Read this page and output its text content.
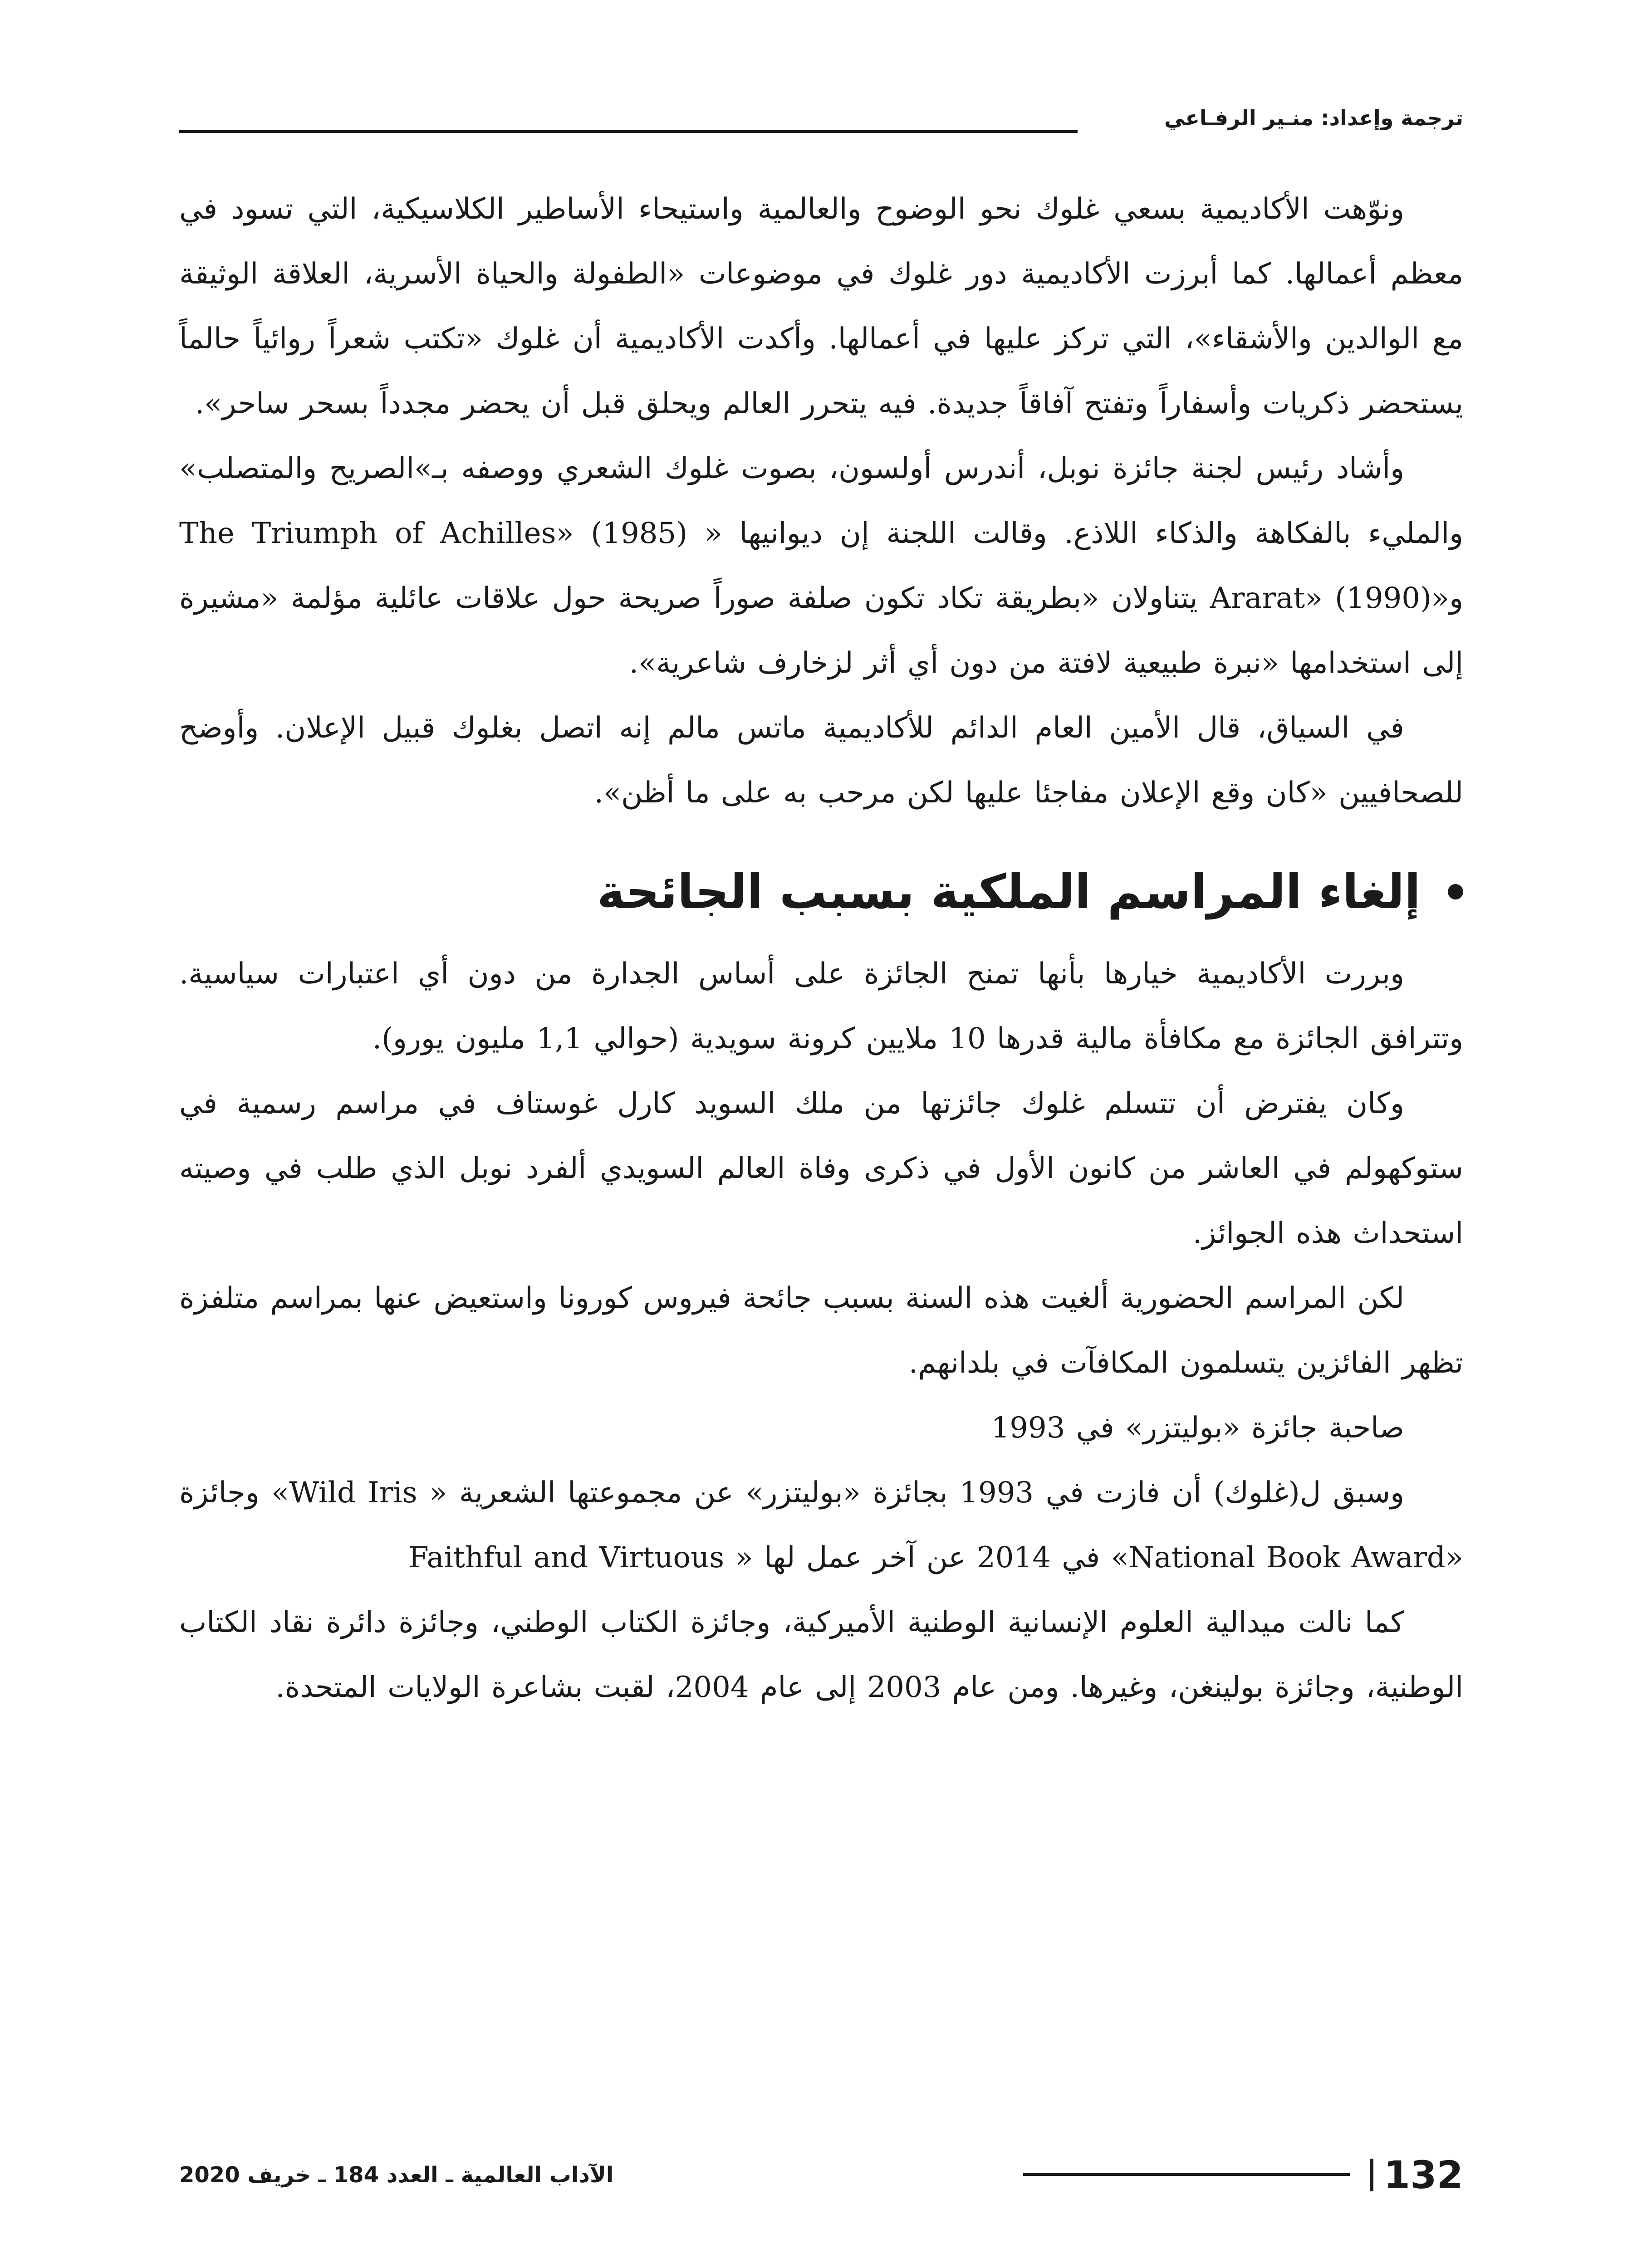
ترجمة وإعداد: منـير الرفـاعي

ونوّهت الأكاديمية بسعي غلوك نحو الوضوح والعالمية واستيحاء الأساطير الكلاسيكية، التي تسود في معظم أعمالها. كما أبرزت الأكاديمية دور غلوك في موضوعات «الطفولة والحياة الأسرية، العلاقة الوثيقة مع الوالدين والأشقاء»، التي تركز عليها في أعمالها. وأكدت الأكاديمية أن غلوك «تكتب شعراً روائياً حالماً يستحضر ذكريات وأسفاراً وتفتح آفاقاً جديدة. فيه يتحرر العالم ويحلق قبل أن يحضر مجدداً بسحر ساحر».

وأشاد رئيس لجنة جائزة نوبل، أندرس أولسون، بصوت غلوك الشعري ووصفه بـ»الصريح والمتصلب» والمليء بالفكاهة والذكاء اللاذع. وقالت اللجنة إن ديوانيها « The Triumph of Achilles» (1985) و«Ararat» (1990) يتناولان «بطريقة تكاد تكون صلفة صوراً صريحة حول علاقات عائلية مؤلمة «مشيرة إلى استخدامها «نبرة طبيعية لافتة من دون أي أثر لزخارف شاعرية».

في السياق، قال الأمين العام الدائم للأكاديمية ماتس مالم إنه اتصل بغلوك قبيل الإعلان. وأوضح للصحافيين «كان وقع الإعلان مفاجئا عليها لكن مرحب به على ما أظن».

إلغاء المراسم الملكية بسبب الجائحة

وبررت الأكاديمية خيارها بأنها تمنح الجائزة على أساس الجدارة من دون أي اعتبارات سياسية. وتترافق الجائزة مع مكافأة مالية قدرها 10 ملايين كرونة سويدية (حوالي 1,1 مليون يورو).

وكان يفترض أن تتسلم غلوك جائزتها من ملك السويد كارل غوستاف في مراسم رسمية في ستوكهولم في العاشر من كانون الأول في ذكرى وفاة العالم السويدي ألفرد نوبل الذي طلب في وصيته استحداث هذه الجوائز.

لكن المراسم الحضورية ألغيت هذه السنة بسبب جائحة فيروس كورونا واستعيض عنها بمراسم متلفزة تظهر الفائزين يتسلمون المكافآت في بلدانهم.

صاحبة جائزة «بوليتزر» في 1993

وسبق ل(غلوك) أن فازت في 1993 بجائزة «بوليتزر» عن مجموعتها الشعرية « Wild Iris» وجائزة «National Book Award» في 2014 عن آخر عمل لها « Faithful and Virtuous

كما نالت ميدالية العلوم الإنسانية الوطنية الأميركية، وجائزة الكتاب الوطني، وجائزة دائرة نقاد الكتاب الوطنية، وجائزة بولينغن، وغيرها. ومن عام 2003 إلى عام 2004، لقبت بشاعرة الولايات المتحدة.

132
الآداب العالمية ـ العدد 184 ـ خريف 2020
